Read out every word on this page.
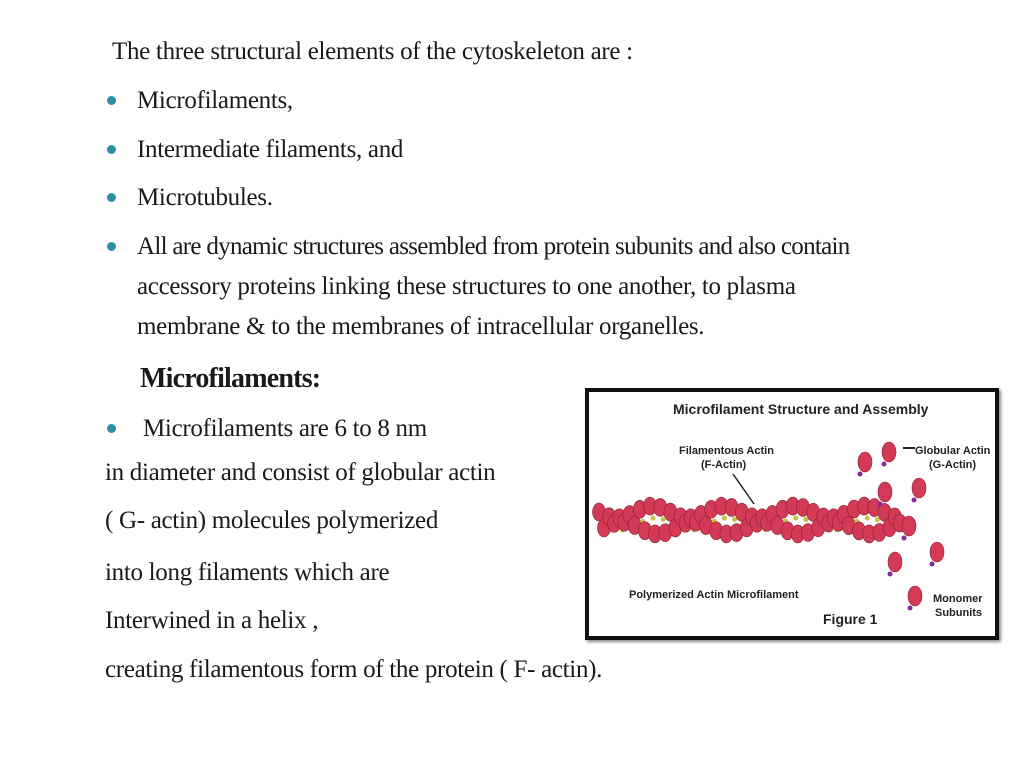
The three structural elements of the cytoskeleton are :
Microfilaments,
Intermediate filaments, and
Microtubules.
All are dynamic structures assembled from protein subunits and also contain
accessory proteins linking these structures to one another, to plasma
membrane & to the membranes of intracellular organelles.
Microfilaments:
Microfilaments are 6 to 8 nm
in diameter and consist of globular actin
( G- actin) molecules polymerized
into long filaments which are
Interwined in a helix ,
creating filamentous form of the protein ( F- actin).
Microfilament Structure and Assembly
Filamentous Actin
(F-Actin)
Globular Actin
(G-Actin)
Polymerized Actin Microfilament
Figure 1
Monomer
Subunits
